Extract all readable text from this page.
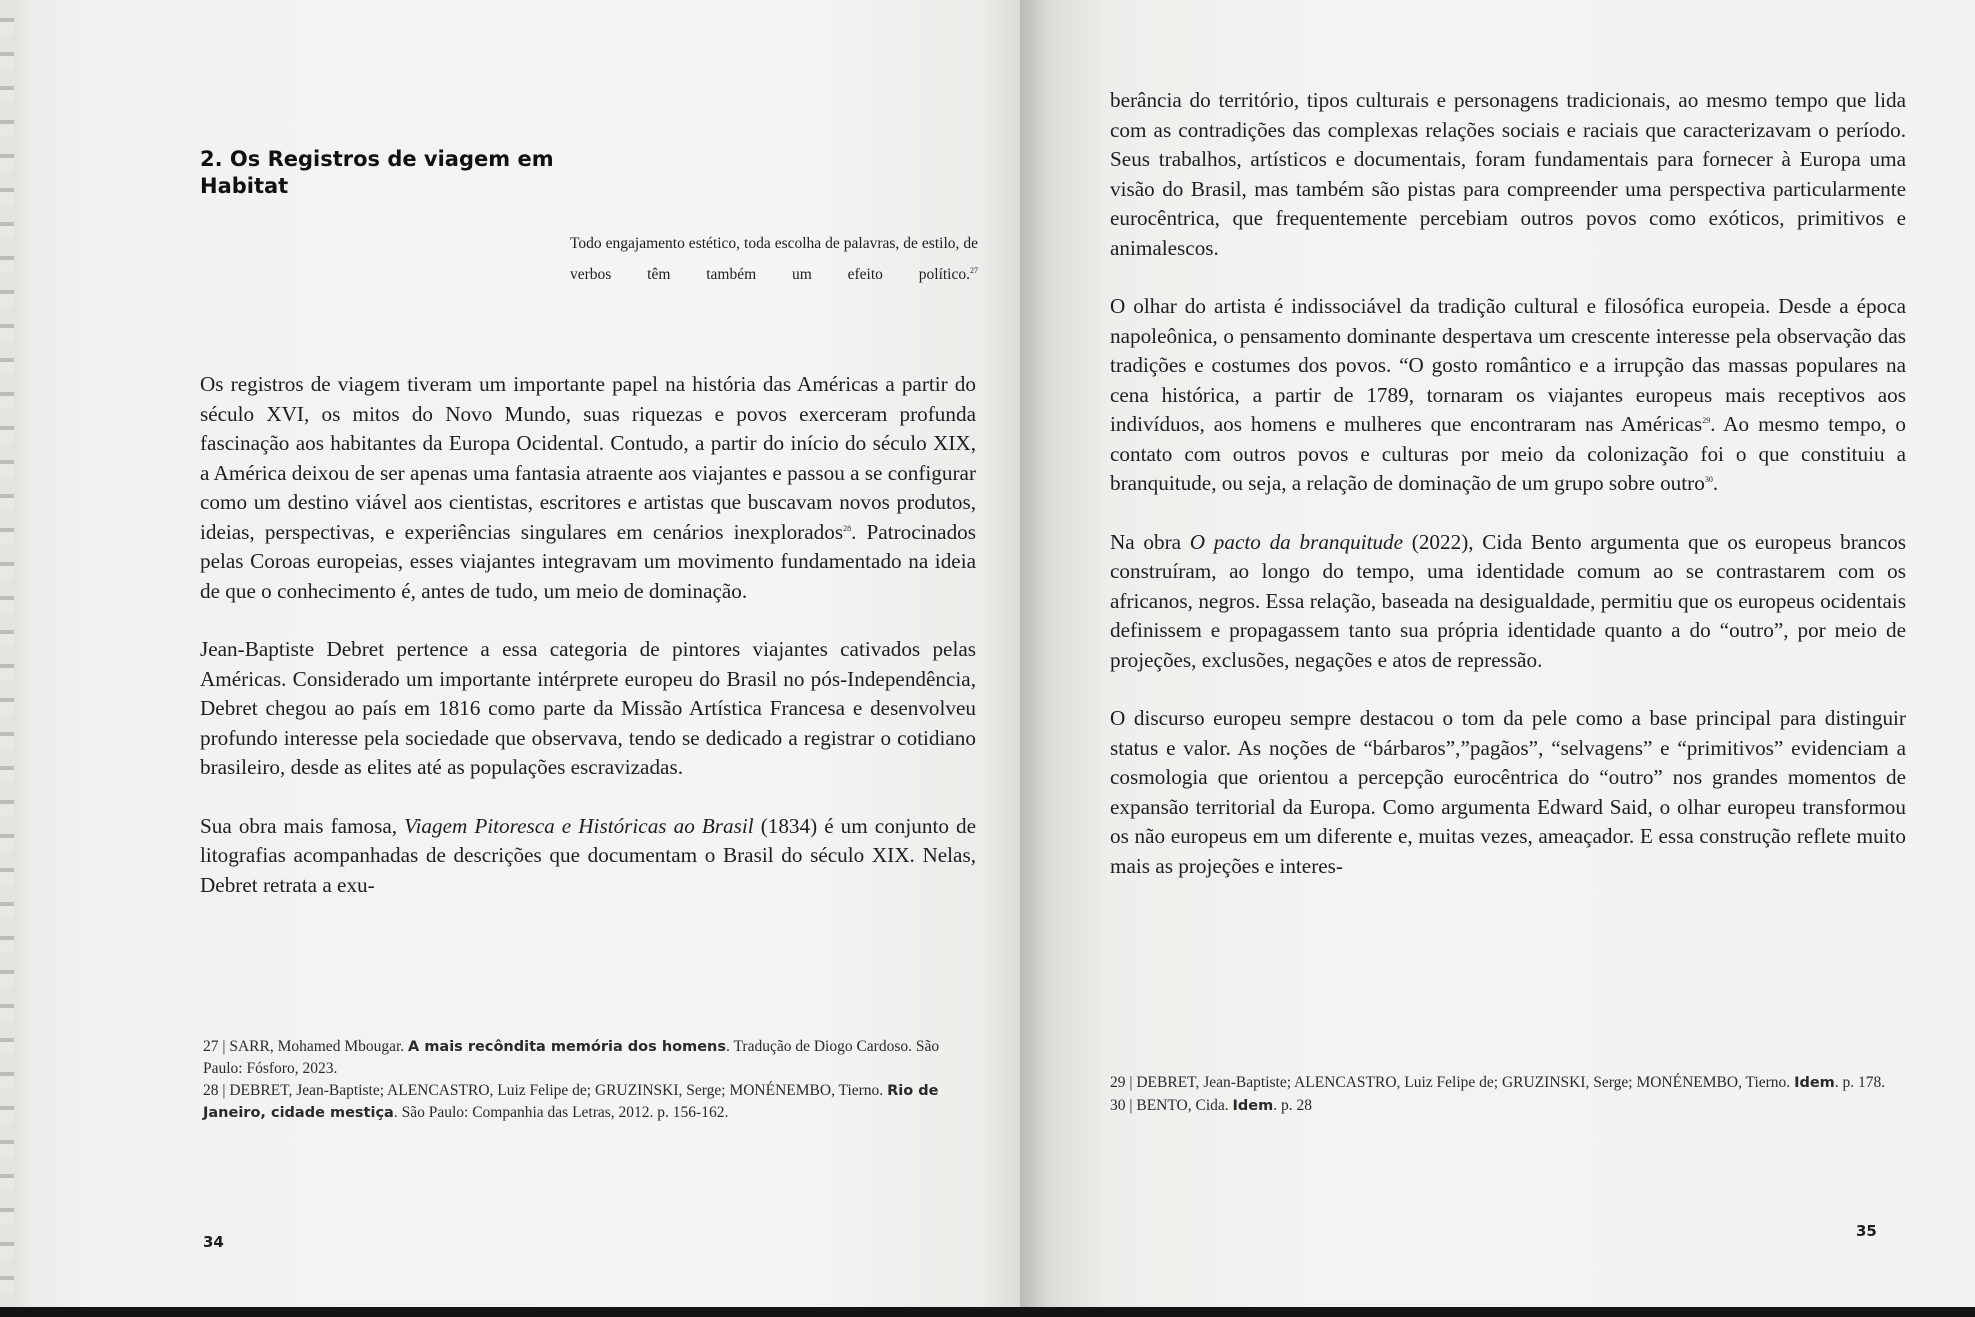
2. Os Registros de viagem em Habitat
Todo engajamento estético, toda escolha de palavras, de estilo, de verbos têm também um efeito político.$^{27}$

Os registros de viagem tiveram um importante papel na história das Américas a partir do século XVI, os mitos do Novo Mundo, suas riquezas e povos exerceram profunda fascinação aos habitantes da Europa Ocidental. Contudo, a partir do início do século XIX, a América deixou de ser apenas uma fantasia atraente aos viajantes e passou a se configurar como um destino viável aos cientistas, escritores e artistas que buscavam novos produtos, ideias, perspectivas, e experiências singulares em cenários inexplorados$^{28}$. Patrocinados pelas Coroas europeias, esses viajantes integravam um movimento fundamentado na ideia de que o conhecimento é, antes de tudo, um meio de dominação.

Jean-Baptiste Debret pertence a essa categoria de pintores viajantes cativados pelas Américas. Considerado um importante intérprete europeu do Brasil no pós-Independência, Debret chegou ao país em 1816 como parte da Missão Artística Francesa e desenvolveu profundo interesse pela sociedade que observava, tendo se dedicado a registrar o cotidiano brasileiro, desde as elites até as populações escravizadas.

Sua obra mais famosa, Viagem Pitoresca e Históricas ao Brasil (1834) é um conjunto de litografias acompanhadas de descrições que documentam o Brasil do século XIX. Nelas, Debret retrata a exu-

27 | SARR, Mohamed Mbougar. A mais recôndita memória dos homens. Tradução de Diogo Cardoso. São Paulo: Fósforo, 2023.
28 | DEBRET, Jean-Baptiste; ALENCASTRO, Luiz Felipe de; GRUZINSKI, Serge; MONÉNEMBO, Tierno. Rio de Janeiro, cidade mestiça. São Paulo: Companhia das Letras, 2012. p. 156-162.
34

berância do território, tipos culturais e personagens tradicionais, ao mesmo tempo que lida com as contradições das complexas relações sociais e raciais que caracterizavam o período. Seus trabalhos, artísticos e documentais, foram fundamentais para fornecer à Europa uma visão do Brasil, mas também são pistas para compreender uma perspectiva particularmente eurocêntrica, que frequentemente percebiam outros povos como exóticos, primitivos e animalescos.

O olhar do artista é indissociável da tradição cultural e filosófica europeia. Desde a época napoleônica, o pensamento dominante despertava um crescente interesse pela observação das tradições e costumes dos povos. “O gosto romântico e a irrupção das massas populares na cena histórica, a partir de 1789, tornaram os viajantes europeus mais receptivos aos indivíduos, aos homens e mulheres que encontraram nas Américas$^{29}$. Ao mesmo tempo, o contato com outros povos e culturas por meio da colonização foi o que constituiu a branquitude, ou seja, a relação de dominação de um grupo sobre outro$^{30}$.

Na obra O pacto da branquitude (2022), Cida Bento argumenta que os europeus brancos construíram, ao longo do tempo, uma identidade comum ao se contrastarem com os africanos, negros. Essa relação, baseada na desigualdade, permitiu que os europeus ocidentais definissem e propagassem tanto sua própria identidade quanto a do “outro”, por meio de projeções, exclusões, negações e atos de repressão.

O discurso europeu sempre destacou o tom da pele como a base principal para distinguir status e valor. As noções de “bárbaros”,”pagãos”, “selvagens” e “primitivos” evidenciam a cosmologia que orientou a percepção eurocêntrica do “outro” nos grandes momentos de expansão territorial da Europa. Como argumenta Edward Said, o olhar europeu transformou os não europeus em um diferente e, muitas vezes, ameaçador. E essa construção reflete muito mais as projeções e interes-

29 | DEBRET, Jean-Baptiste; ALENCASTRO, Luiz Felipe de; GRUZINSKI, Serge; MONÉNEMBO, Tierno. Idem. p. 178.
30 | BENTO, Cida. Idem. p. 28
35
